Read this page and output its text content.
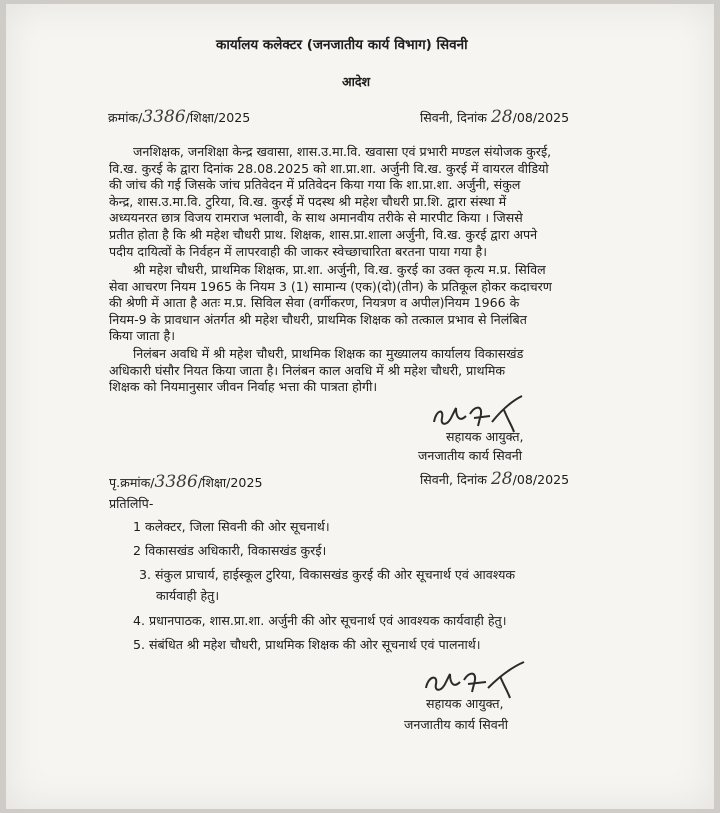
कार्यालय कलेक्टर (जनजातीय कार्य विभाग) सिवनी
आदेश
क्रमांक/3386/शिक्षा/2025	सिवनी, दिनांक 28/08/2025
जनशिक्षक, जनशिक्षा केन्द्र खवासा, शास.उ.मा.वि. खवासा एवं प्रभारी मण्डल संयोजक कुरई,
वि.ख. कुरई के द्वारा दिनांक 28.08.2025 को शा.प्रा.शा. अर्जुनी वि.ख. कुरई में वायरल वीडियो
की जांच की गई जिसके जांच प्रतिवेदन में प्रतिवेदन किया गया कि शा.प्रा.शा. अर्जुनी, संकुल
केन्द्र, शास.उ.मा.वि. टुरिया, वि.ख. कुरई में पदस्थ श्री महेश चौधरी प्रा.शि. द्वारा संस्था में
अध्ययनरत छात्र विजय रामराज भलावी, के साथ अमानवीय तरीके से मारपीट किया । जिससे
प्रतीत होता है कि श्री महेश चौधरी प्राथ. शिक्षक, शास.प्रा.शाला अर्जुनी, वि.ख. कुरई द्वारा अपने
पदीय दायित्वों के निर्वहन में लापरवाही की जाकर स्वेच्छाचारिता बरतना पाया गया है।
श्री महेश चौधरी, प्राथमिक शिक्षक, प्रा.शा. अर्जुनी, वि.ख. कुरई का उक्त कृत्य म.प्र. सिविल
सेवा आचरण नियम 1965 के नियम 3 (1) सामान्य (एक)(दो)(तीन) के प्रतिकूल होकर कदाचरण
की श्रेणी में आता है अतः म.प्र. सिविल सेवा (वर्गीकरण, नियत्रण व अपील)नियम 1966 के
नियम-9 के प्रावधान अंतर्गत श्री महेश चौधरी, प्राथमिक शिक्षक को तत्काल प्रभाव से निलंबित
किया जाता है।
निलंबन अवधि में श्री महेश चौधरी, प्राथमिक शिक्षक का मुख्यालय कार्यालय विकासखंड
अधिकारी घंसौर नियत किया जाता है। निलंबन काल अवधि में श्री महेश चौधरी, प्राथमिक
शिक्षक को नियमानुसार जीवन निर्वाह भत्ता की पात्रता होगी।
सहायक आयुक्त,
जनजातीय कार्य सिवनी
पृ.क्रमांक/3386/शिक्षा/2025	सिवनी, दिनांक 28/08/2025
प्रतिलिपि-
1 कलेक्टर, जिला सिवनी की ओर सूचनार्थ।
2 विकासखंड अधिकारी, विकासखंड कुरई।
3. संकुल प्राचार्य, हाईस्कूल टुरिया, विकासखंड कुरई की ओर सूचनार्थ एवं आवश्यक
कार्यवाही हेतु।
4. प्रधानपाठक, शास.प्रा.शा. अर्जुनी की ओर सूचनार्थ एवं आवश्यक कार्यवाही हेतु।
5. संबंधित श्री महेश चौधरी, प्राथमिक शिक्षक की ओर सूचनार्थ एवं पालनार्थ।
सहायक आयुक्त,
जनजातीय कार्य सिवनी
